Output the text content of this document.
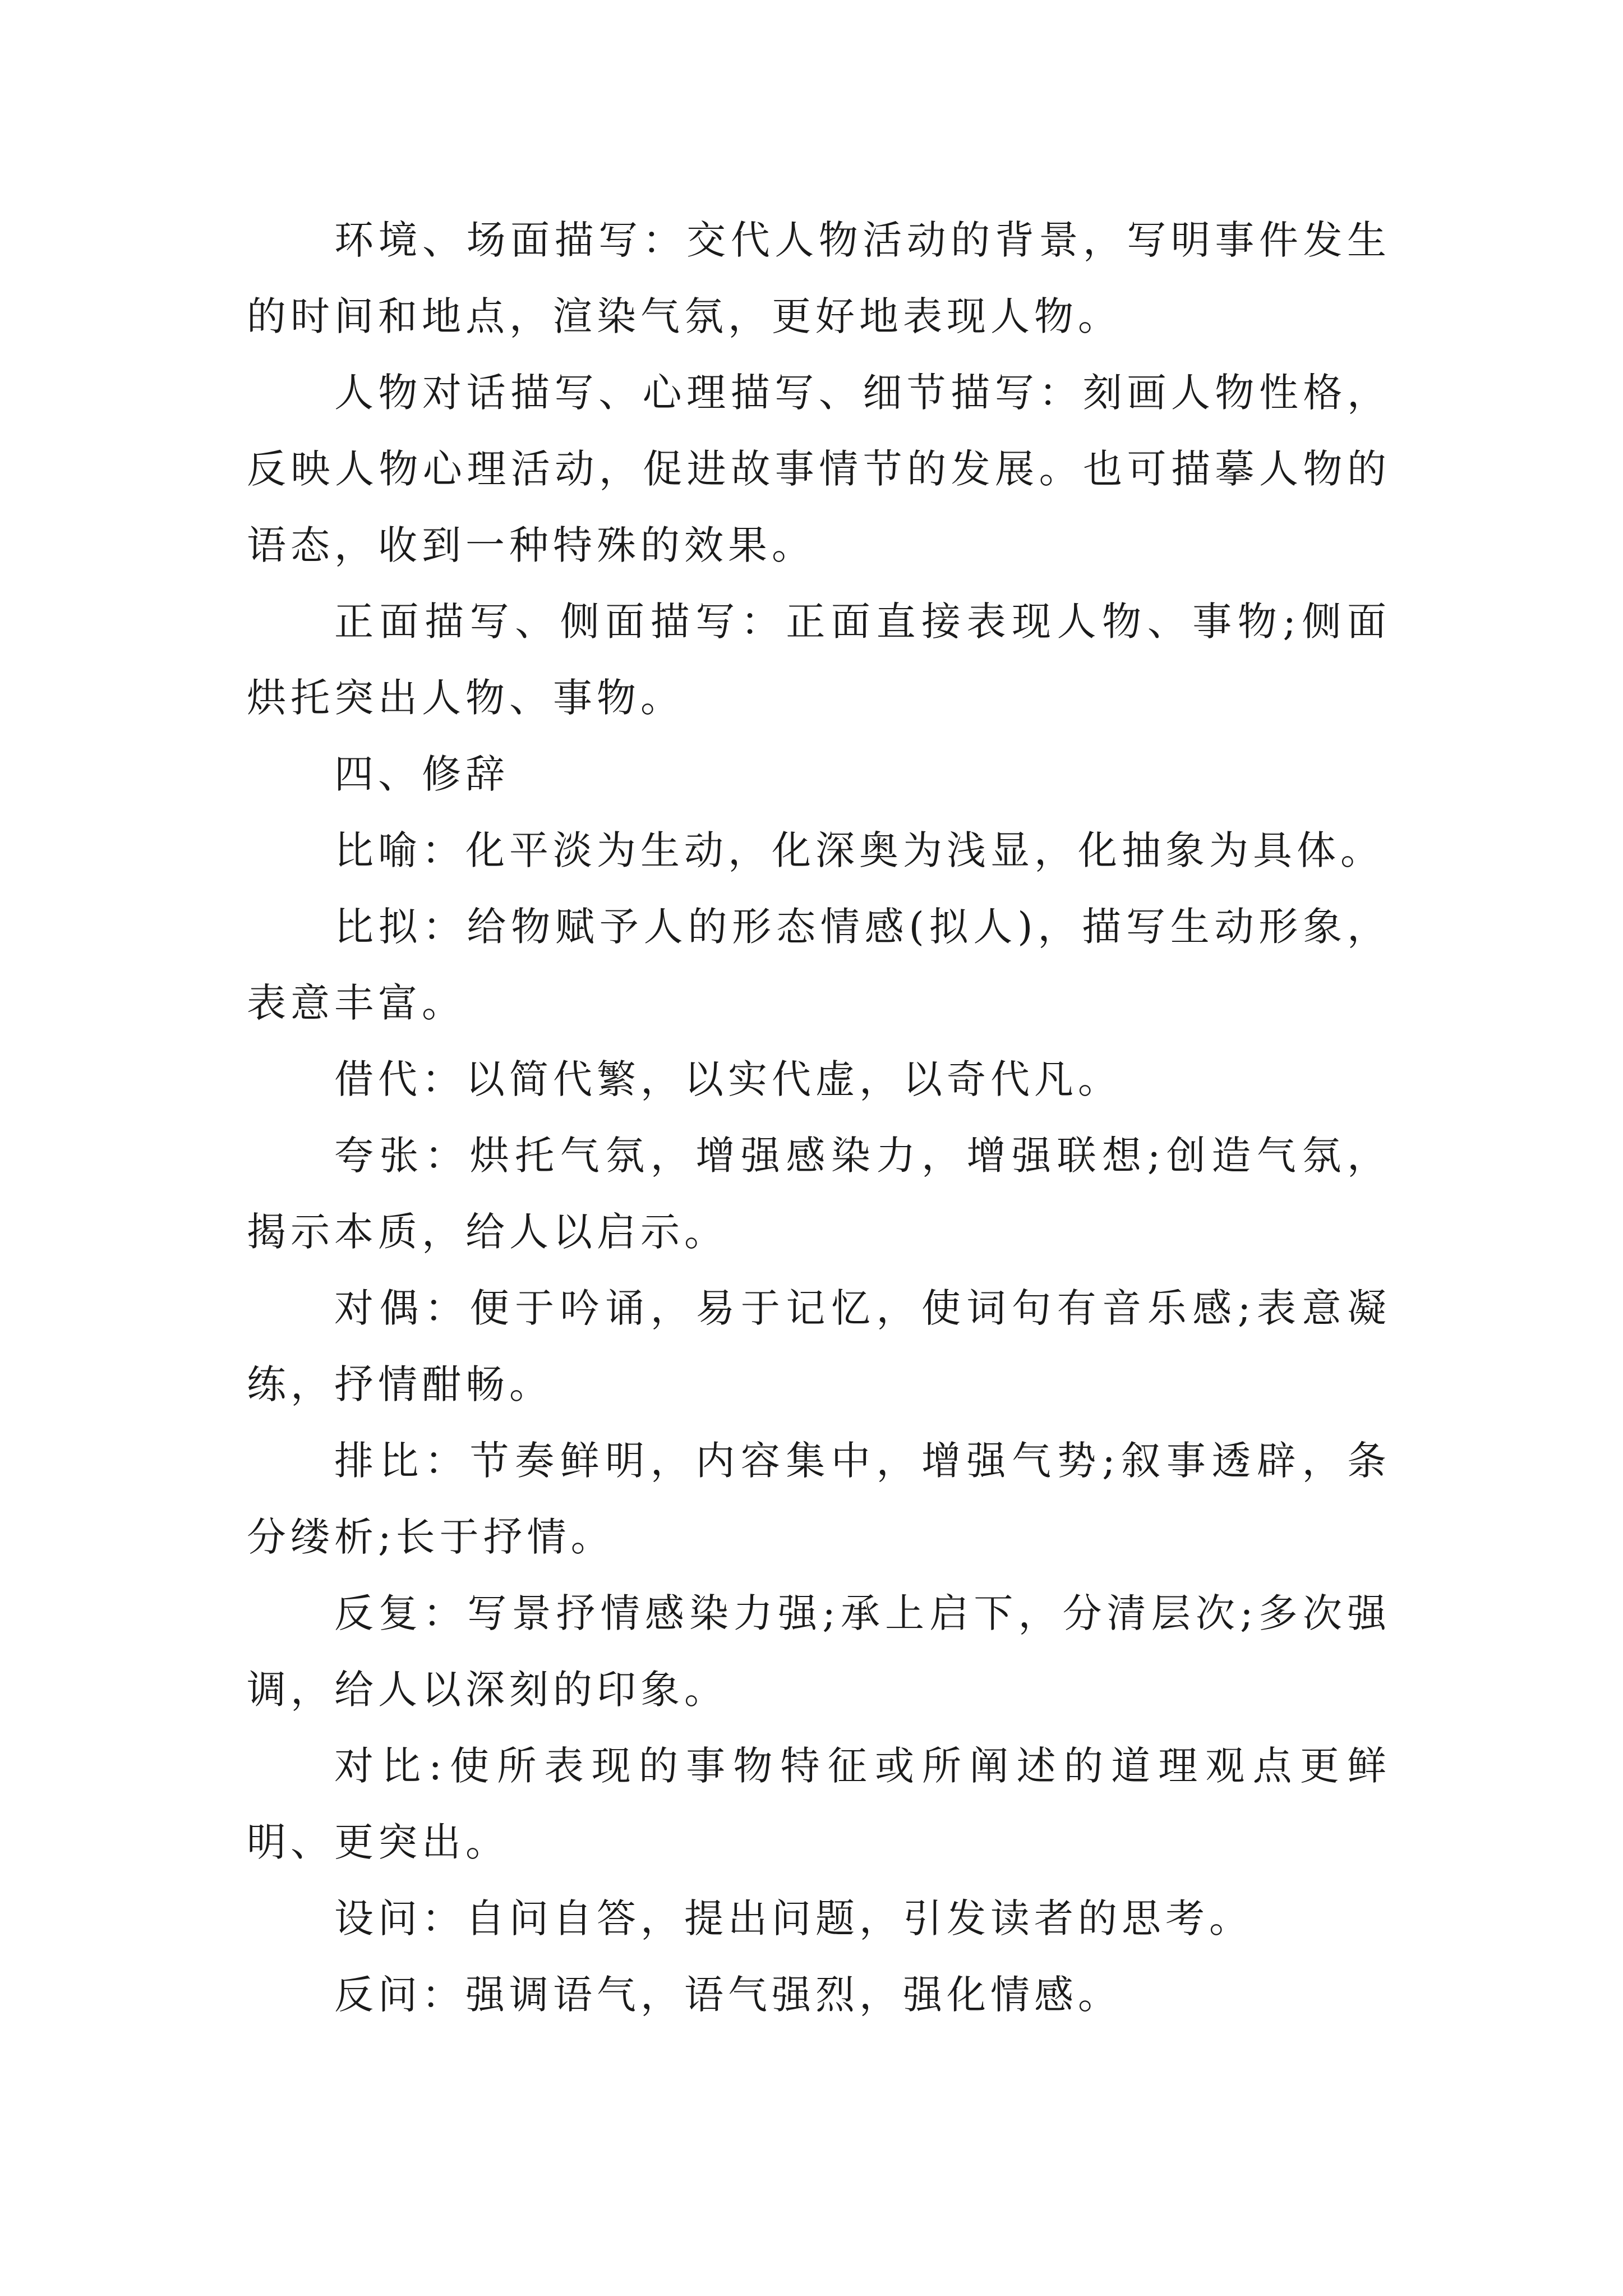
环境、场面描写：交代人物活动的背景，写明事件发生的时间和地点，渲染气氛，更好地表现人物。

人物对话描写、心理描写、细节描写：刻画人物性格，反映人物心理活动，促进故事情节的发展。也可描摹人物的语态，收到一种特殊的效果。

正面描写、侧面描写：正面直接表现人物、事物;侧面烘托突出人物、事物。

四、修辞

比喻：化平淡为生动，化深奥为浅显，化抽象为具体。

比拟：给物赋予人的形态情感(拟人)，描写生动形象，表意丰富。

借代：以简代繁，以实代虚，以奇代凡。

夸张：烘托气氛，增强感染力，增强联想;创造气氛，揭示本质，给人以启示。

对偶：便于吟诵，易于记忆，使词句有音乐感;表意凝练，抒情酣畅。

排比：节奏鲜明，内容集中，增强气势;叙事透辟，条分缕析;长于抒情。

反复：写景抒情感染力强;承上启下，分清层次;多次强调，给人以深刻的印象。

对比:使所表现的事物特征或所阐述的道理观点更鲜明、更突出。

设问：自问自答，提出问题，引发读者的思考。

反问：强调语气，语气强烈，强化情感。
